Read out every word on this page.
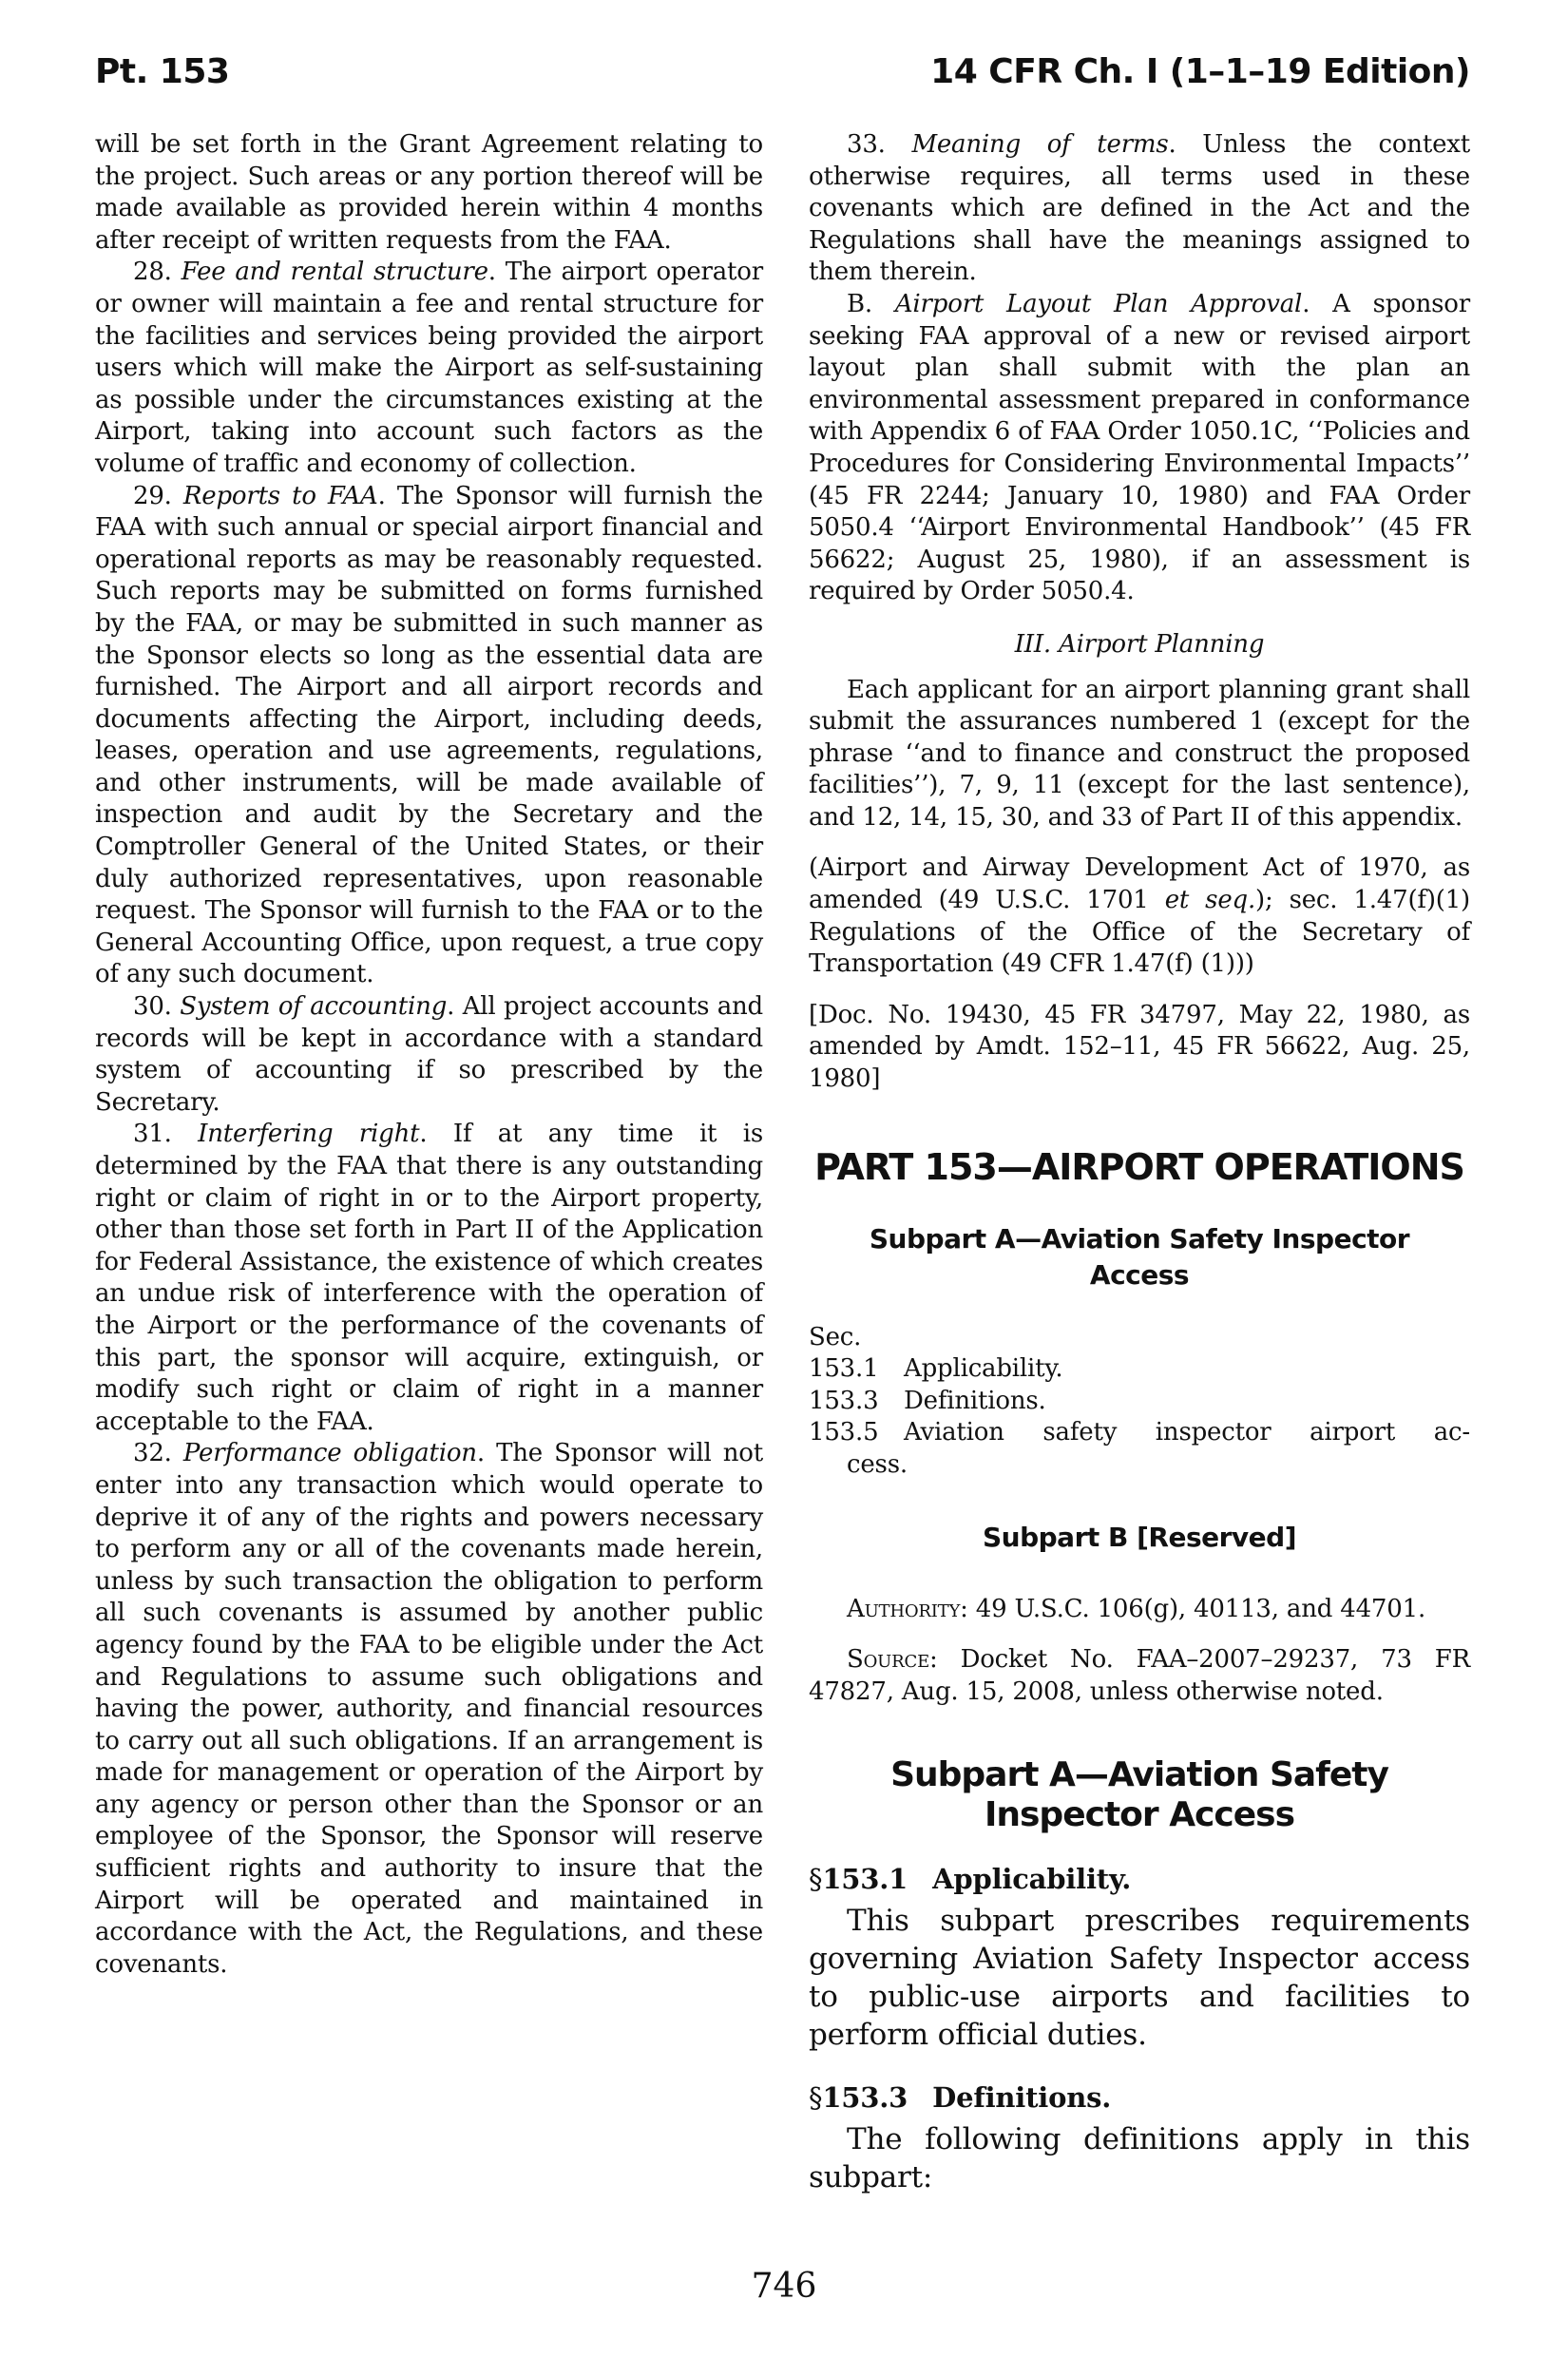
Pt. 153	14 CFR Ch. I (1–1–19 Edition)

will be set forth in the Grant Agreement relating to the project. Such areas or any portion thereof will be made available as provided herein within 4 months after receipt of written requests from the FAA.

28. Fee and rental structure. The airport operator or owner will maintain a fee and rental structure for the facilities and services being provided the airport users which will make the Airport as self-sustaining as possible under the circumstances existing at the Airport, taking into account such factors as the volume of traffic and economy of collection.

29. Reports to FAA. The Sponsor will furnish the FAA with such annual or special airport financial and operational reports as may be reasonably requested. Such reports may be submitted on forms furnished by the FAA, or may be submitted in such manner as the Sponsor elects so long as the essential data are furnished. The Airport and all airport records and documents affecting the Airport, including deeds, leases, operation and use agreements, regulations, and other instruments, will be made available of inspection and audit by the Secretary and the Comptroller General of the United States, or their duly authorized representatives, upon reasonable request. The Sponsor will furnish to the FAA or to the General Accounting Office, upon request, a true copy of any such document.

30. System of accounting. All project accounts and records will be kept in accordance with a standard system of accounting if so prescribed by the Secretary.

31. Interfering right. If at any time it is determined by the FAA that there is any outstanding right or claim of right in or to the Airport property, other than those set forth in Part II of the Application for Federal Assistance, the existence of which creates an undue risk of interference with the operation of the Airport or the performance of the covenants of this part, the sponsor will acquire, extinguish, or modify such right or claim of right in a manner acceptable to the FAA.

32. Performance obligation. The Sponsor will not enter into any transaction which would operate to deprive it of any of the rights and powers necessary to perform any or all of the covenants made herein, unless by such transaction the obligation to perform all such covenants is assumed by another public agency found by the FAA to be eligible under the Act and Regulations to assume such obligations and having the power, authority, and financial resources to carry out all such obligations. If an arrangement is made for management or operation of the Airport by any agency or person other than the Sponsor or an employee of the Sponsor, the Sponsor will reserve sufficient rights and authority to insure that the Airport will be operated and maintained in accordance with the Act, the Regulations, and these covenants.

33. Meaning of terms. Unless the context otherwise requires, all terms used in these covenants which are defined in the Act and the Regulations shall have the meanings assigned to them therein.

B. Airport Layout Plan Approval. A sponsor seeking FAA approval of a new or revised airport layout plan shall submit with the plan an environmental assessment prepared in conformance with Appendix 6 of FAA Order 1050.1C, ‘‘Policies and Procedures for Considering Environmental Impacts’’ (45 FR 2244; January 10, 1980) and FAA Order 5050.4 ‘‘Airport Environmental Handbook’’ (45 FR 56622; August 25, 1980), if an assessment is required by Order 5050.4.

III. Airport Planning

Each applicant for an airport planning grant shall submit the assurances numbered 1 (except for the phrase ‘‘and to finance and construct the proposed facilities’’), 7, 9, 11 (except for the last sentence), and 12, 14, 15, 30, and 33 of Part II of this appendix.

(Airport and Airway Development Act of 1970, as amended (49 U.S.C. 1701 et seq.); sec. 1.47(f)(1) Regulations of the Office of the Secretary of Transportation (49 CFR 1.47(f) (1)))

[Doc. No. 19430, 45 FR 34797, May 22, 1980, as amended by Amdt. 152–11, 45 FR 56622, Aug. 25, 1980]

PART 153—AIRPORT OPERATIONS

Subpart A—Aviation Safety Inspector Access

Sec.

153.1	Applicability.
153.3	Definitions.
153.5	Aviation safety inspector airport ac-
cess.

Subpart B [Reserved]

Authority: 49 U.S.C. 106(g), 40113, and 44701.

Source: Docket No. FAA–2007–29237, 73 FR 47827, Aug. 15, 2008, unless otherwise noted.

Subpart A—Aviation Safety Inspector Access

§153.1 Applicability.

This subpart prescribes requirements governing Aviation Safety Inspector access to public-use airports and facilities to perform official duties.

§153.3 Definitions.

The following definitions apply in this subpart:

746
